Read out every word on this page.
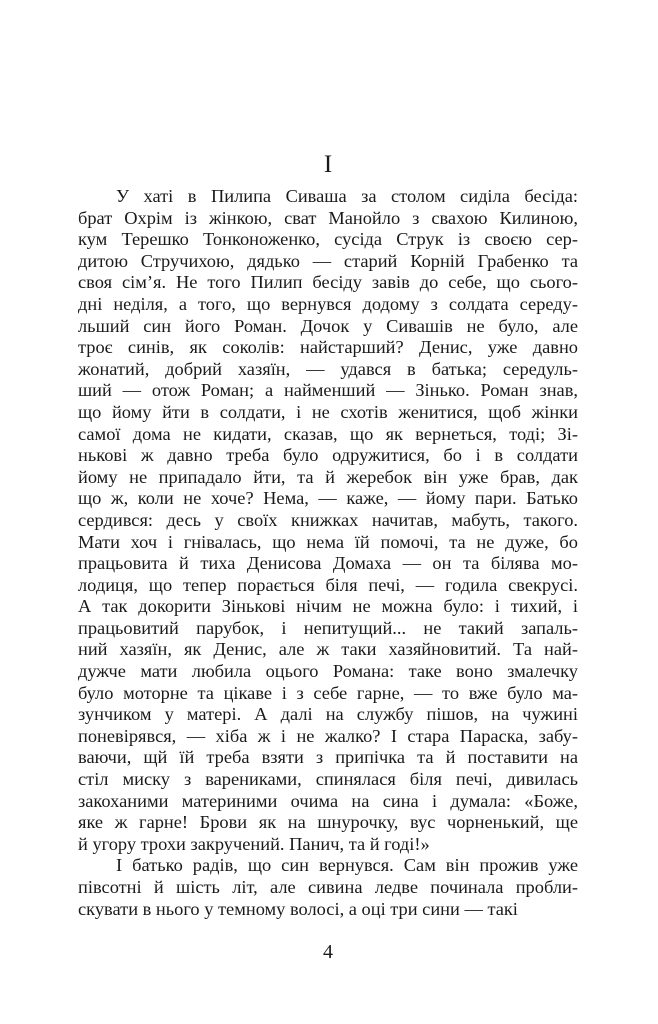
І
У хаті в Пилипа Сиваша за столом сиділа бесіда:
брат Охрім із жінкою, сват Манойло з свахою Килиною,
кум Терешко Тонконоженко, сусіда Струк із своєю сер-
дитою Стручихою, дядько — старий Корній Грабенко та
своя сім’я. Не того Пилип бесіду завів до себе, що сього-
дні неділя, а того, що вернувся додому з солдата середу-
льший син його Роман. Дочок у Сивашів не було, але
троє синів, як соколів: найстарший? Денис, уже давно
жонатий, добрий хазяїн, — удався в батька; середуль-
ший — отож Роман; а найменший — Зінько. Роман знав,
що йому йти в солдати, і не схотів женитися, щоб жінки
самої дома не кидати, сказав, що як вернеться, тоді; Зі-
нькові ж давно треба було одружитися, бо і в солдати
йому не припадало йти, та й жеребок він уже брав, дак
що ж, коли не хоче? Нема, — каже, — йому пари. Батько
сердився: десь у своїх книжках начитав, мабуть, такого.
Мати хоч і гнівалась, що нема їй помочі, та не дуже, бо
працьовита й тиха Денисова Домаха — он та білява мо-
лодиця, що тепер порається біля печі, — годила свекрусі.
А так докорити Зінькові нічим не можна було: і тихий, і
працьовитий парубок, і непитущий... не такий запаль-
ний хазяїн, як Денис, але ж таки хазяйновитий. Та най-
дужче мати любила оцього Романа: таке воно змалечку
було моторне та цікаве і з себе гарне, — то вже було ма-
зунчиком у матері. А далі на службу пішов, на чужині
поневірявся, — хіба ж і не жалко? І стара Параска, забу-
ваючи, щй їй треба взяти з припічка та й поставити на
стіл миску з варениками, спинялася біля печі, дивилась
закоханими материними очима на сина і думала: «Боже,
яке ж гарне! Брови як на шнурочку, вус чорненький, ще
й угору трохи закручений. Панич, та й годі!»
І батько радів, що син вернувся. Сам він прожив уже
півсотні й шість літ, але сивина ледве починала пробли-
скувати в нього у темному волосі, а оці три сини — такі
4
